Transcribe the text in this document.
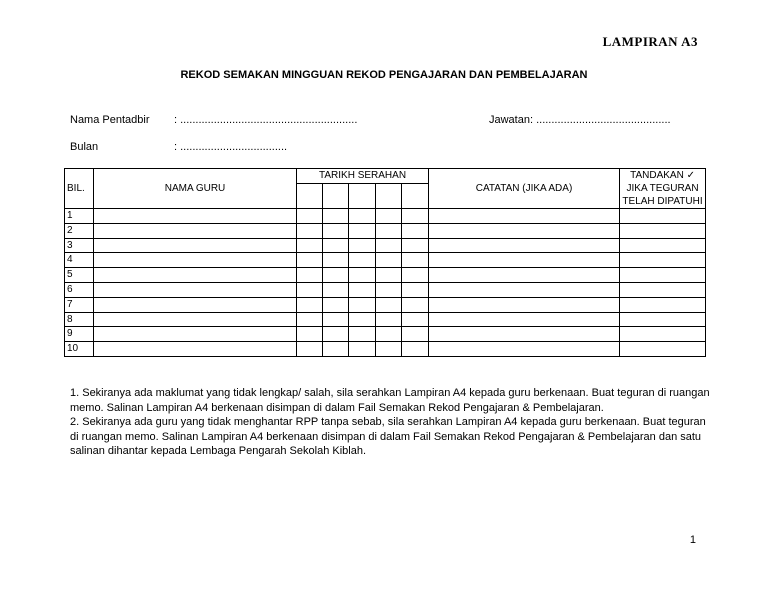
LAMPIRAN A3
REKOD SEMAKAN MINGGUAN REKOD PENGAJARAN DAN PEMBELAJARAN
Nama Pentadbir : ..........................................................	Jawatan: ............................................
Bulan	: ...................................
BIL.	NAMA GURU	TARIKH SERAHAN					CATATAN (JIKA ADA)	TANDAKAN ✓
JIKA TEGURAN
TELAH DIPATUHI

1								
2								
3								
4								
5								
6								
7								
8								
9								
10								

1. Sekiranya ada maklumat yang tidak lengkap/ salah, sila serahkan Lampiran A4 kepada guru berkenaan. Buat teguran di ruangan memo. Salinan Lampiran A4 berkenaan disimpan di dalam Fail Semakan Rekod Pengajaran & Pembelajaran.

2. Sekiranya ada guru yang tidak menghantar RPP tanpa sebab, sila serahkan Lampiran A4 kepada guru berkenaan. Buat teguran di ruangan memo. Salinan Lampiran A4 berkenaan disimpan di dalam Fail Semakan Rekod Pengajaran & Pembelajaran dan satu salinan dihantar kepada Lembaga Pengarah Sekolah Kiblah.

1
